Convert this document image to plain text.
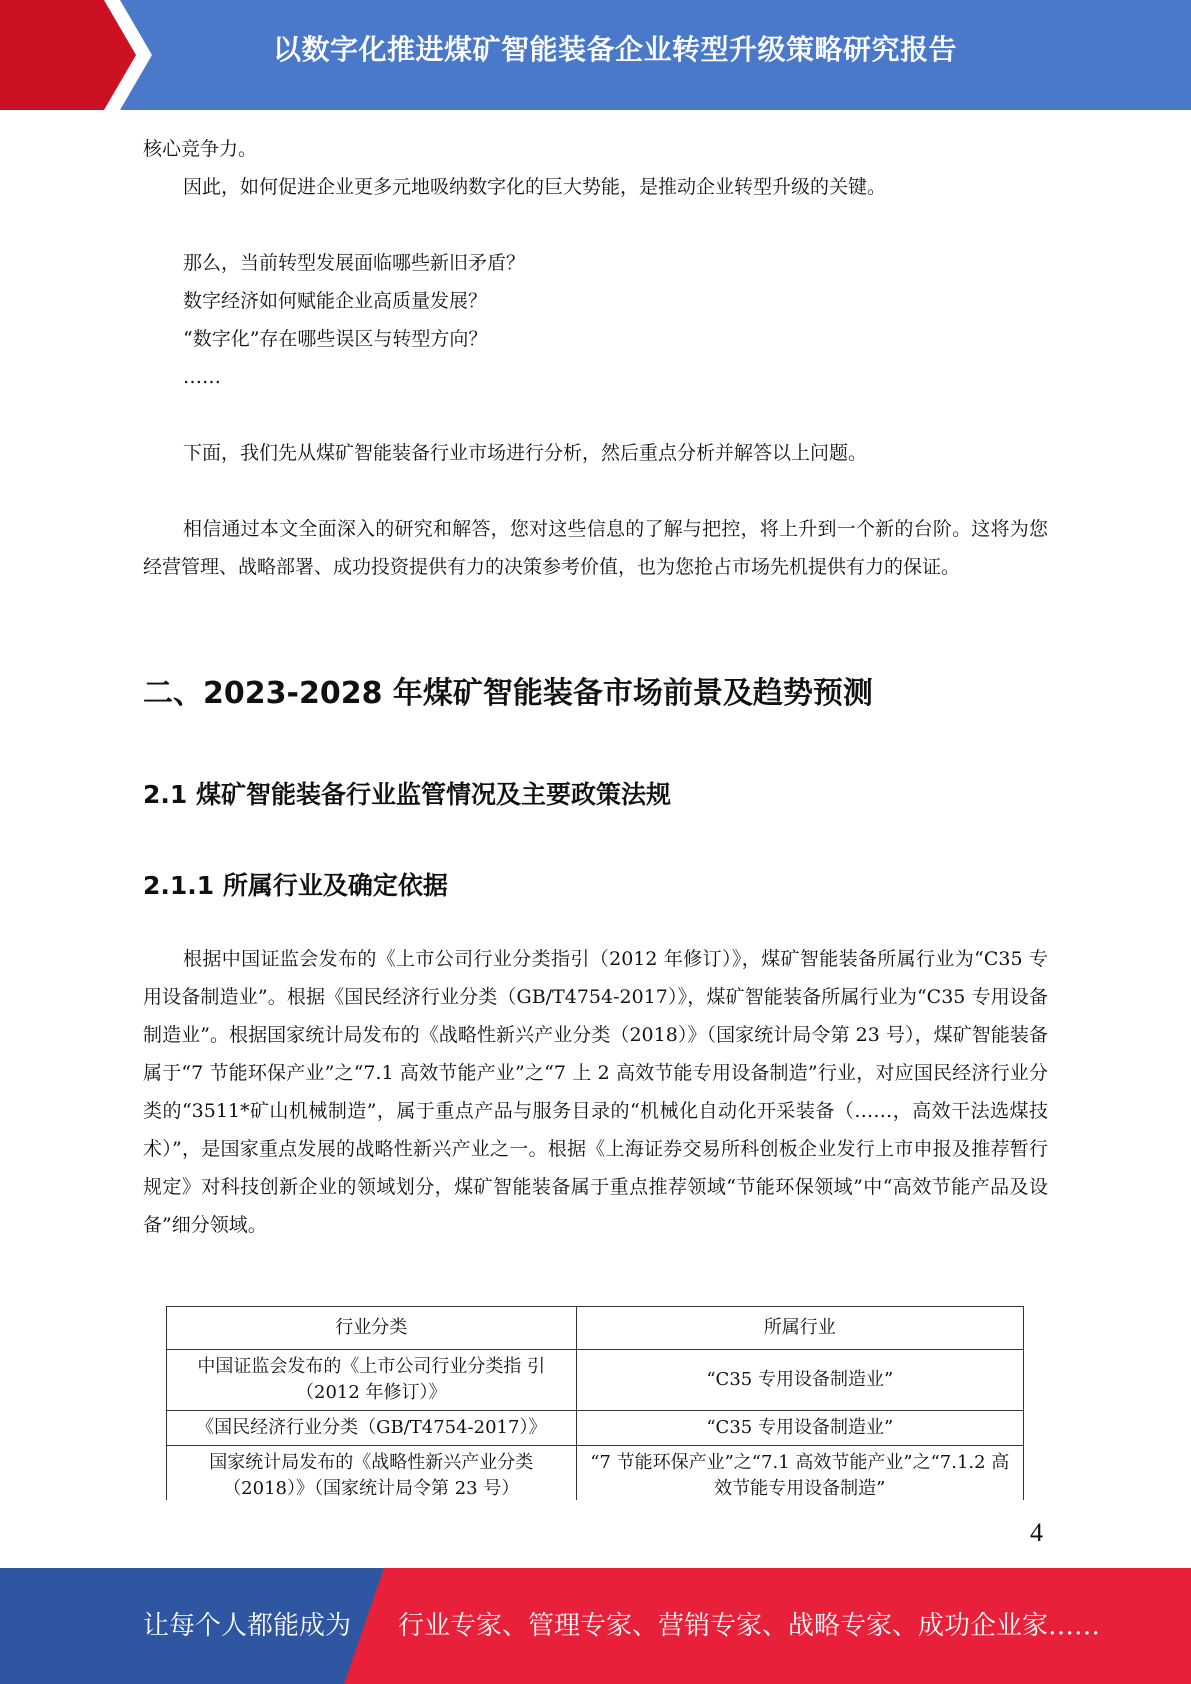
以数字化推进煤矿智能装备企业转型升级策略研究报告

核心竞争力。

因此，如何促进企业更多元地吸纳数字化的巨大势能，是推动企业转型升级的关键。

那么，当前转型发展面临哪些新旧矛盾？

数字经济如何赋能企业高质量发展？

“数字化”存在哪些误区与转型方向？

……

下面，我们先从煤矿智能装备行业市场进行分析，然后重点分析并解答以上问题。

相信通过本文全面深入的研究和解答，您对这些信息的了解与把控，将上升到一个新的台阶。这将为您经营管理、战略部署、成功投资提供有力的决策参考价值，也为您抢占市场先机提供有力的保证。

二、2023-2028 年煤矿智能装备市场前景及趋势预测
2.1 煤矿智能装备行业监管情况及主要政策法规
2.1.1 所属行业及确定依据

根据中国证监会发布的《上市公司行业分类指引（2012 年修订）》，煤矿智能装备所属行业为“C35 专用设备制造业”。根据《国民经济行业分类（GB/T4754-2017）》，煤矿智能装备所属行业为“C35 专用设备制造业”。根据国家统计局发布的《战略性新兴产业分类（2018）》（国家统计局令第 23 号），煤矿智能装备属于“7 节能环保产业”之“7.1 高效节能产业”之“7 上 2 高效节能专用设备制造”行业，对应国民经济行业分类的“3511*矿山机械制造”，属于重点产品与服务目录的“机械化自动化开采装备（……，高效干法选煤技术）”，是国家重点发展的战略性新兴产业之一。根据《上海证券交易所科创板企业发行上市申报及推荐暂行规定》对科技创新企业的领域划分，煤矿智能装备属于重点推荐领域“节能环保领域”中“高效节能产品及设备”细分领域。

行业分类	所属行业
中国证监会发布的《上市公司行业分类指 引（2012 年修订）》	“C35 专用设备制造业”
《国民经济行业分类（GB/T4754-2017）》	“C35 专用设备制造业”
国家统计局发布的《战略性新兴产业分类（2018）》（国家统计局令第 23 号）	“7 节能环保产业”之“7.1 高效节能产业”之“7.1.2 高效节能专用设备制造”
4
让每个人都能成为 行业专家、管理专家、营销专家、战略专家、成功企业家……
